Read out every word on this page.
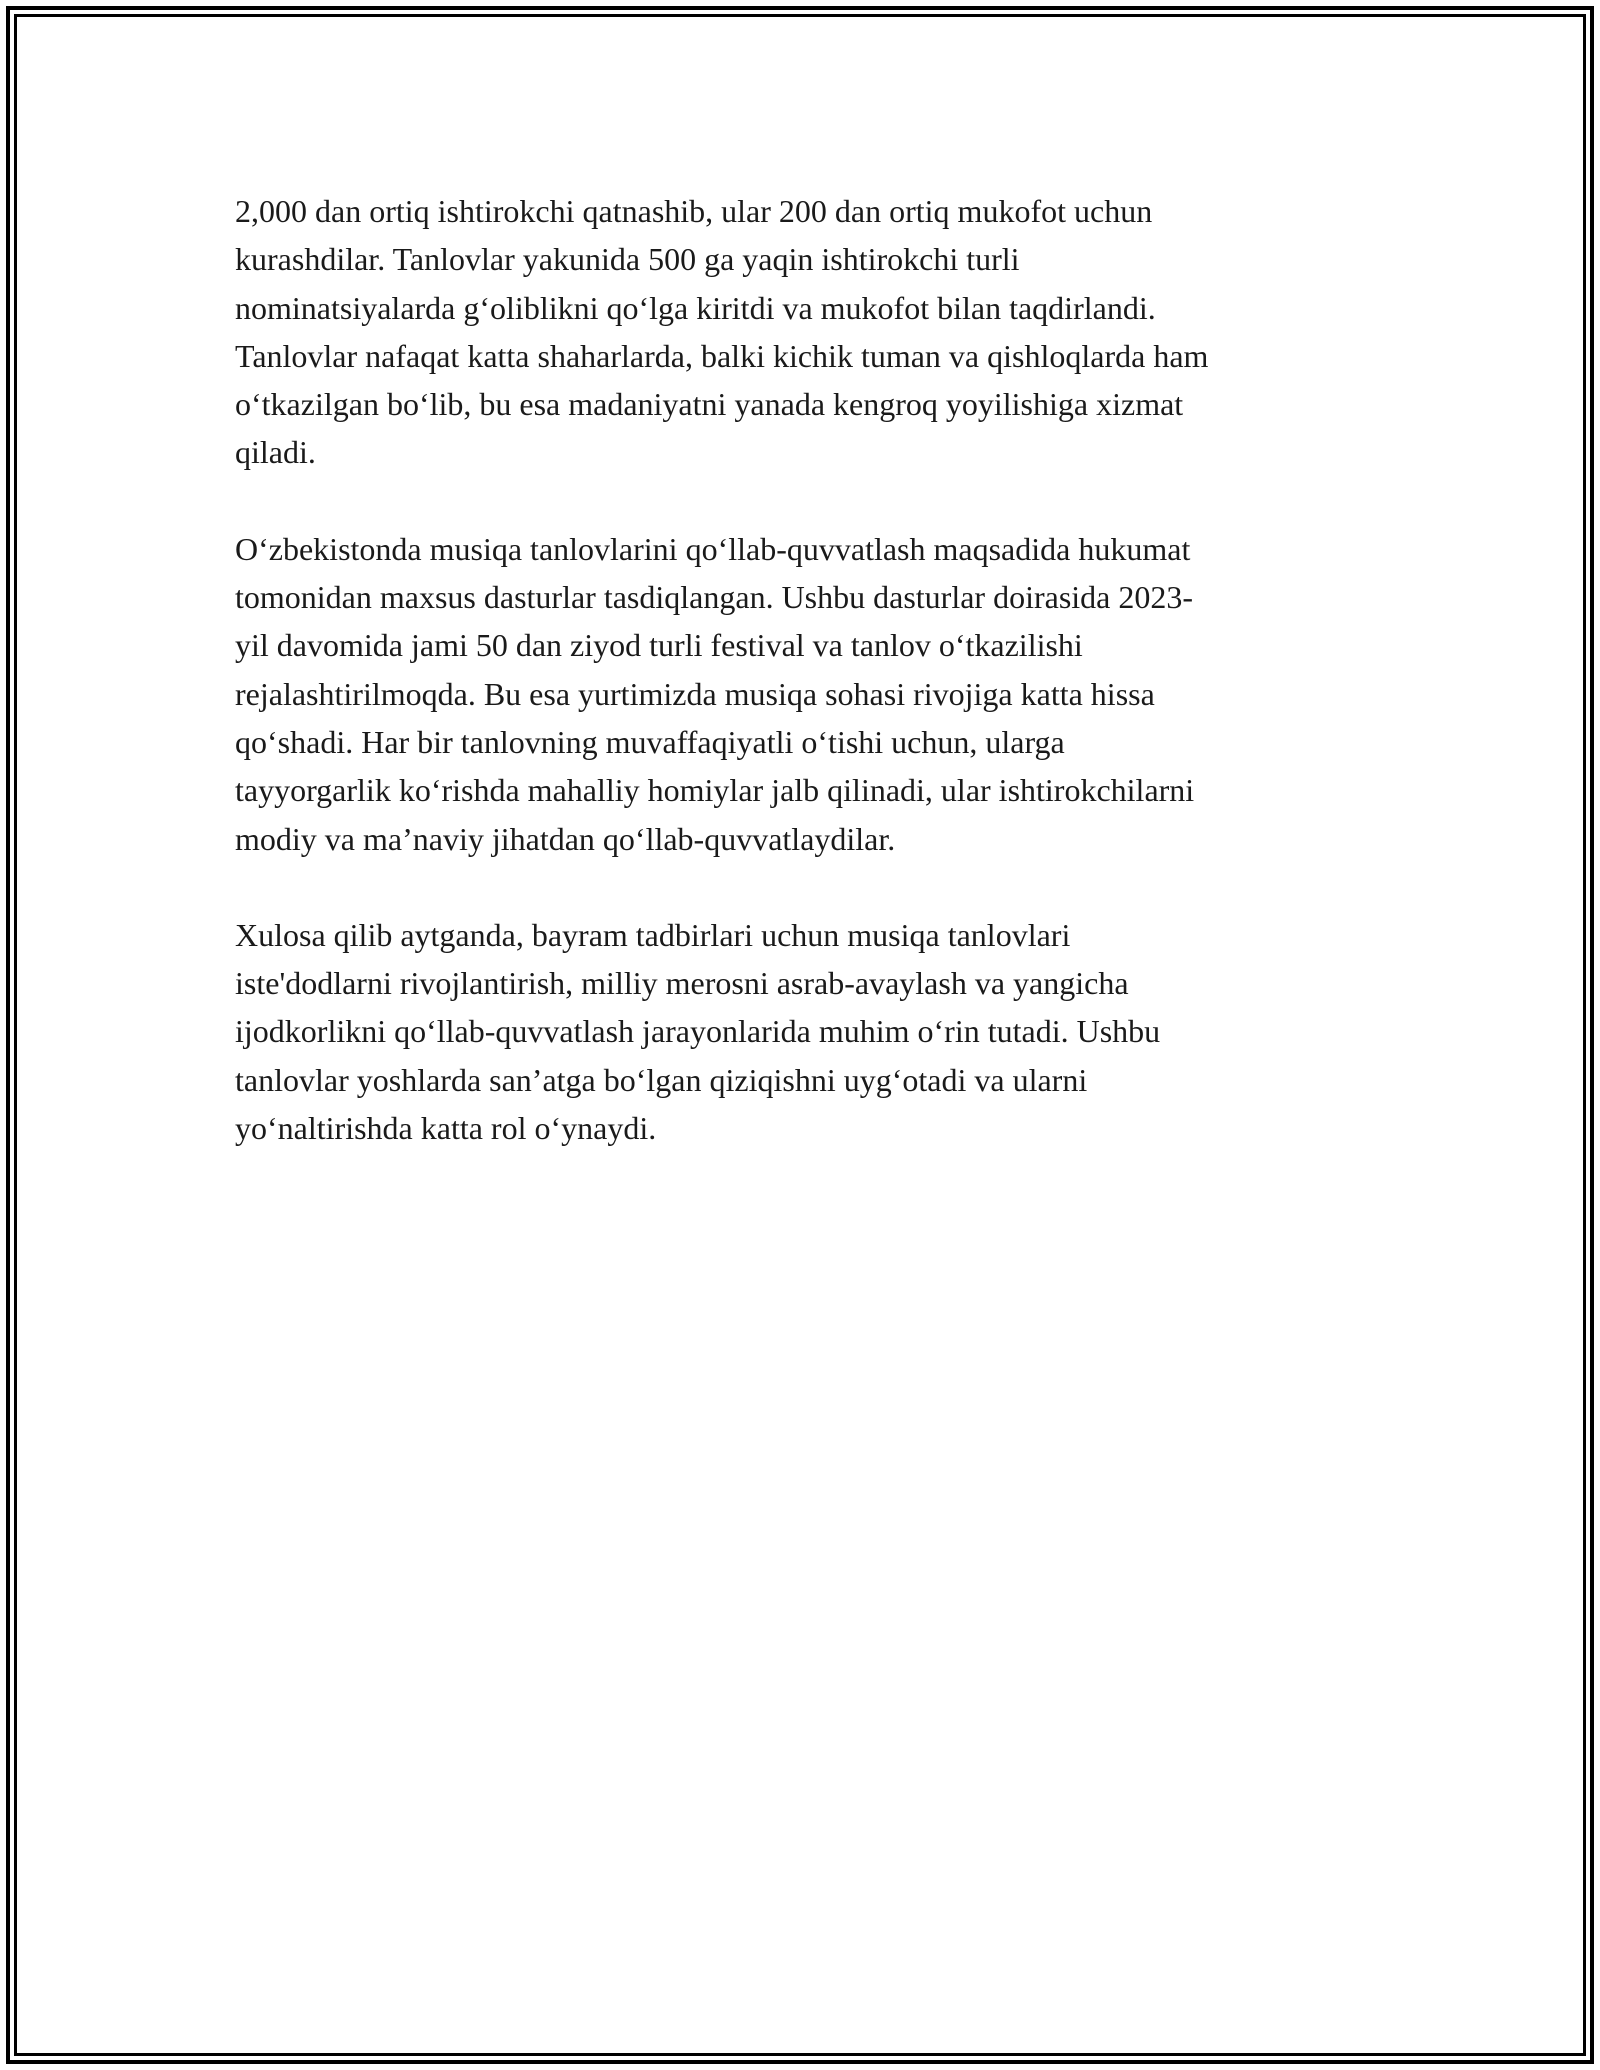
2,000 dan ortiq ishtirokchi qatnashib, ular 200 dan ortiq mukofot uchun
kurashdilar. Tanlovlar yakunida 500 ga yaqin ishtirokchi turli
nominatsiyalarda g‘oliblikni qo‘lga kiritdi va mukofot bilan taqdirlandi.
Tanlovlar nafaqat katta shaharlarda, balki kichik tuman va qishloqlarda ham
o‘tkazilgan bo‘lib, bu esa madaniyatni yanada kengroq yoyilishiga xizmat
qiladi.

O‘zbekistonda musiqa tanlovlarini qo‘llab-quvvatlash maqsadida hukumat
tomonidan maxsus dasturlar tasdiqlangan. Ushbu dasturlar doirasida 2023-
yil davomida jami 50 dan ziyod turli festival va tanlov o‘tkazilishi
rejalashtirilmoqda. Bu esa yurtimizda musiqa sohasi rivojiga katta hissa
qo‘shadi. Har bir tanlovning muvaffaqiyatli o‘tishi uchun, ularga
tayyorgarlik ko‘rishda mahalliy homiylar jalb qilinadi, ular ishtirokchilarni
modiy va ma’naviy jihatdan qo‘llab-quvvatlaydilar.

Xulosa qilib aytganda, bayram tadbirlari uchun musiqa tanlovlari
iste'dodlarni rivojlantirish, milliy merosni asrab-avaylash va yangicha
ijodkorlikni qo‘llab-quvvatlash jarayonlarida muhim o‘rin tutadi. Ushbu
tanlovlar yoshlarda san’atga bo‘lgan qiziqishni uyg‘otadi va ularni
yo‘naltirishda katta rol o‘ynaydi.
